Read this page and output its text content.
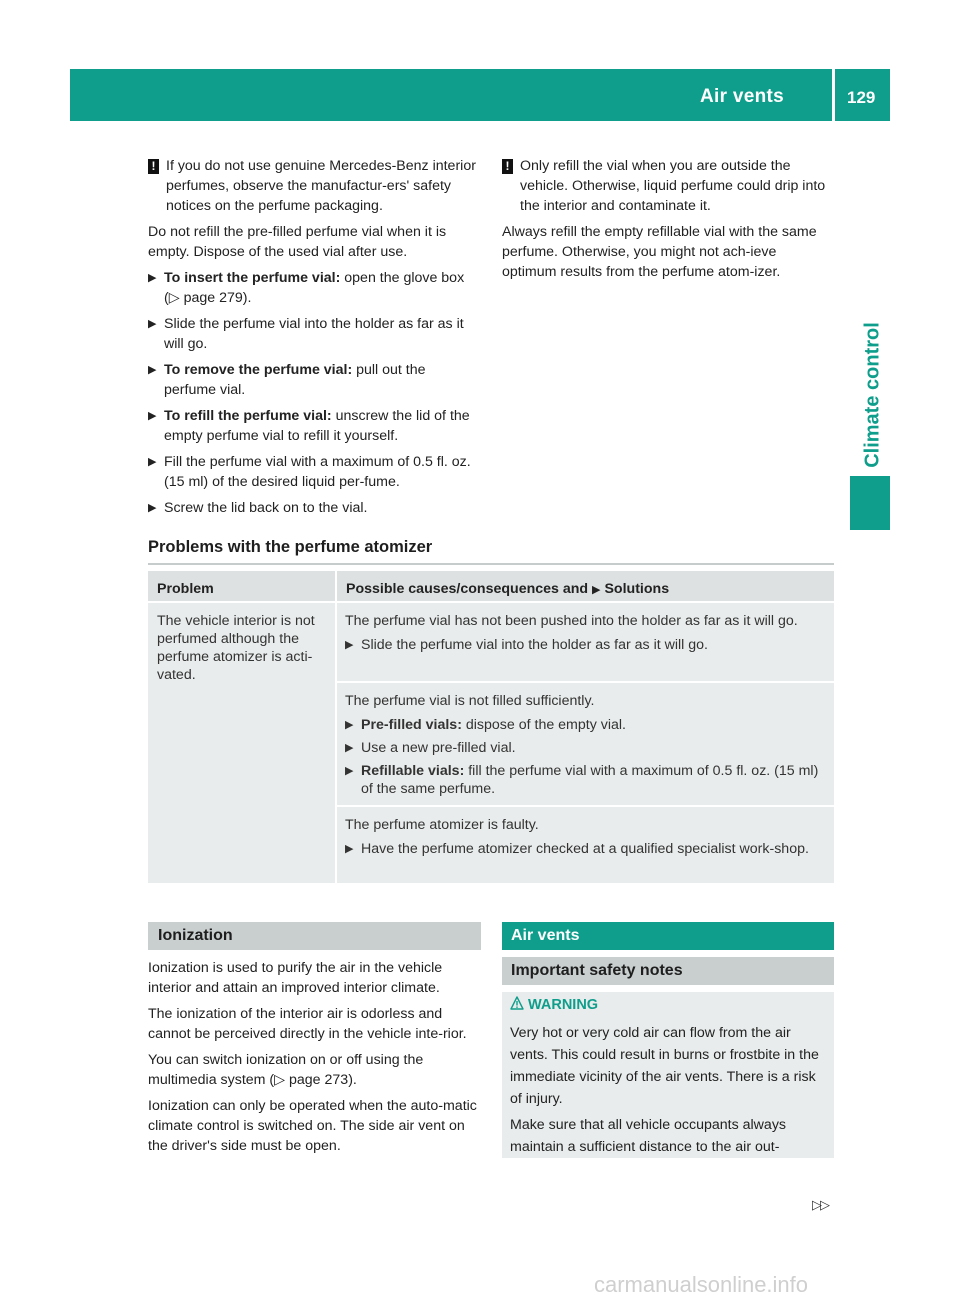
Air vents	129
Climate control
! If you do not use genuine Mercedes-Benz interior perfumes, observe the manufactur-ers' safety notices on the perfume packaging.

Do not refill the pre-filled perfume vial when it is empty. Dispose of the used vial after use.

▶ To insert the perfume vial: open the glove box (▷ page 279).
▶ Slide the perfume vial into the holder as far as it will go.
▶ To remove the perfume vial: pull out the perfume vial.
▶ To refill the perfume vial: unscrew the lid of the empty perfume vial to refill it yourself.
▶ Fill the perfume vial with a maximum of 0.5 fl. oz. (15 ml) of the desired liquid per-fume.
▶ Screw the lid back on to the vial.
! Only refill the vial when you are outside the vehicle. Otherwise, liquid perfume could drip into the interior and contaminate it.

Always refill the empty refillable vial with the same perfume. Otherwise, you might not ach-ieve optimum results from the perfume atom-izer.

Problems with the perfume atomizer
Problem	Possible causes/consequences and ▶ Solutions
The vehicle interior is not perfumed although the perfume atomizer is acti-vated.

The perfume vial has not been pushed into the holder as far as it will go.

▶ Slide the perfume vial into the holder as far as it will go.

The perfume vial is not filled sufficiently.

▶ Pre-filled vials: dispose of the empty vial.
▶ Use a new pre-filled vial.
▶ Refillable vials: fill the perfume vial with a maximum of 0.5 fl. oz. (15 ml) of the same perfume.

The perfume atomizer is faulty.

▶ Have the perfume atomizer checked at a qualified specialist work-shop.
Ionization

Ionization is used to purify the air in the vehicle interior and attain an improved interior climate.

The ionization of the interior air is odorless and cannot be perceived directly in the vehicle inte-rior.

You can switch ionization on or off using the multimedia system (▷ page 273).

Ionization can only be operated when the auto-matic climate control is switched on. The side air vent on the driver's side must be open.

Air vents
Important safety notes
WARNING

Very hot or very cold air can flow from the air vents. This could result in burns or frostbite in the immediate vicinity of the air vents. There is a risk of injury.

Make sure that all vehicle occupants always maintain a sufficient distance to the air out-

▷▷
carmanualsonline.info
